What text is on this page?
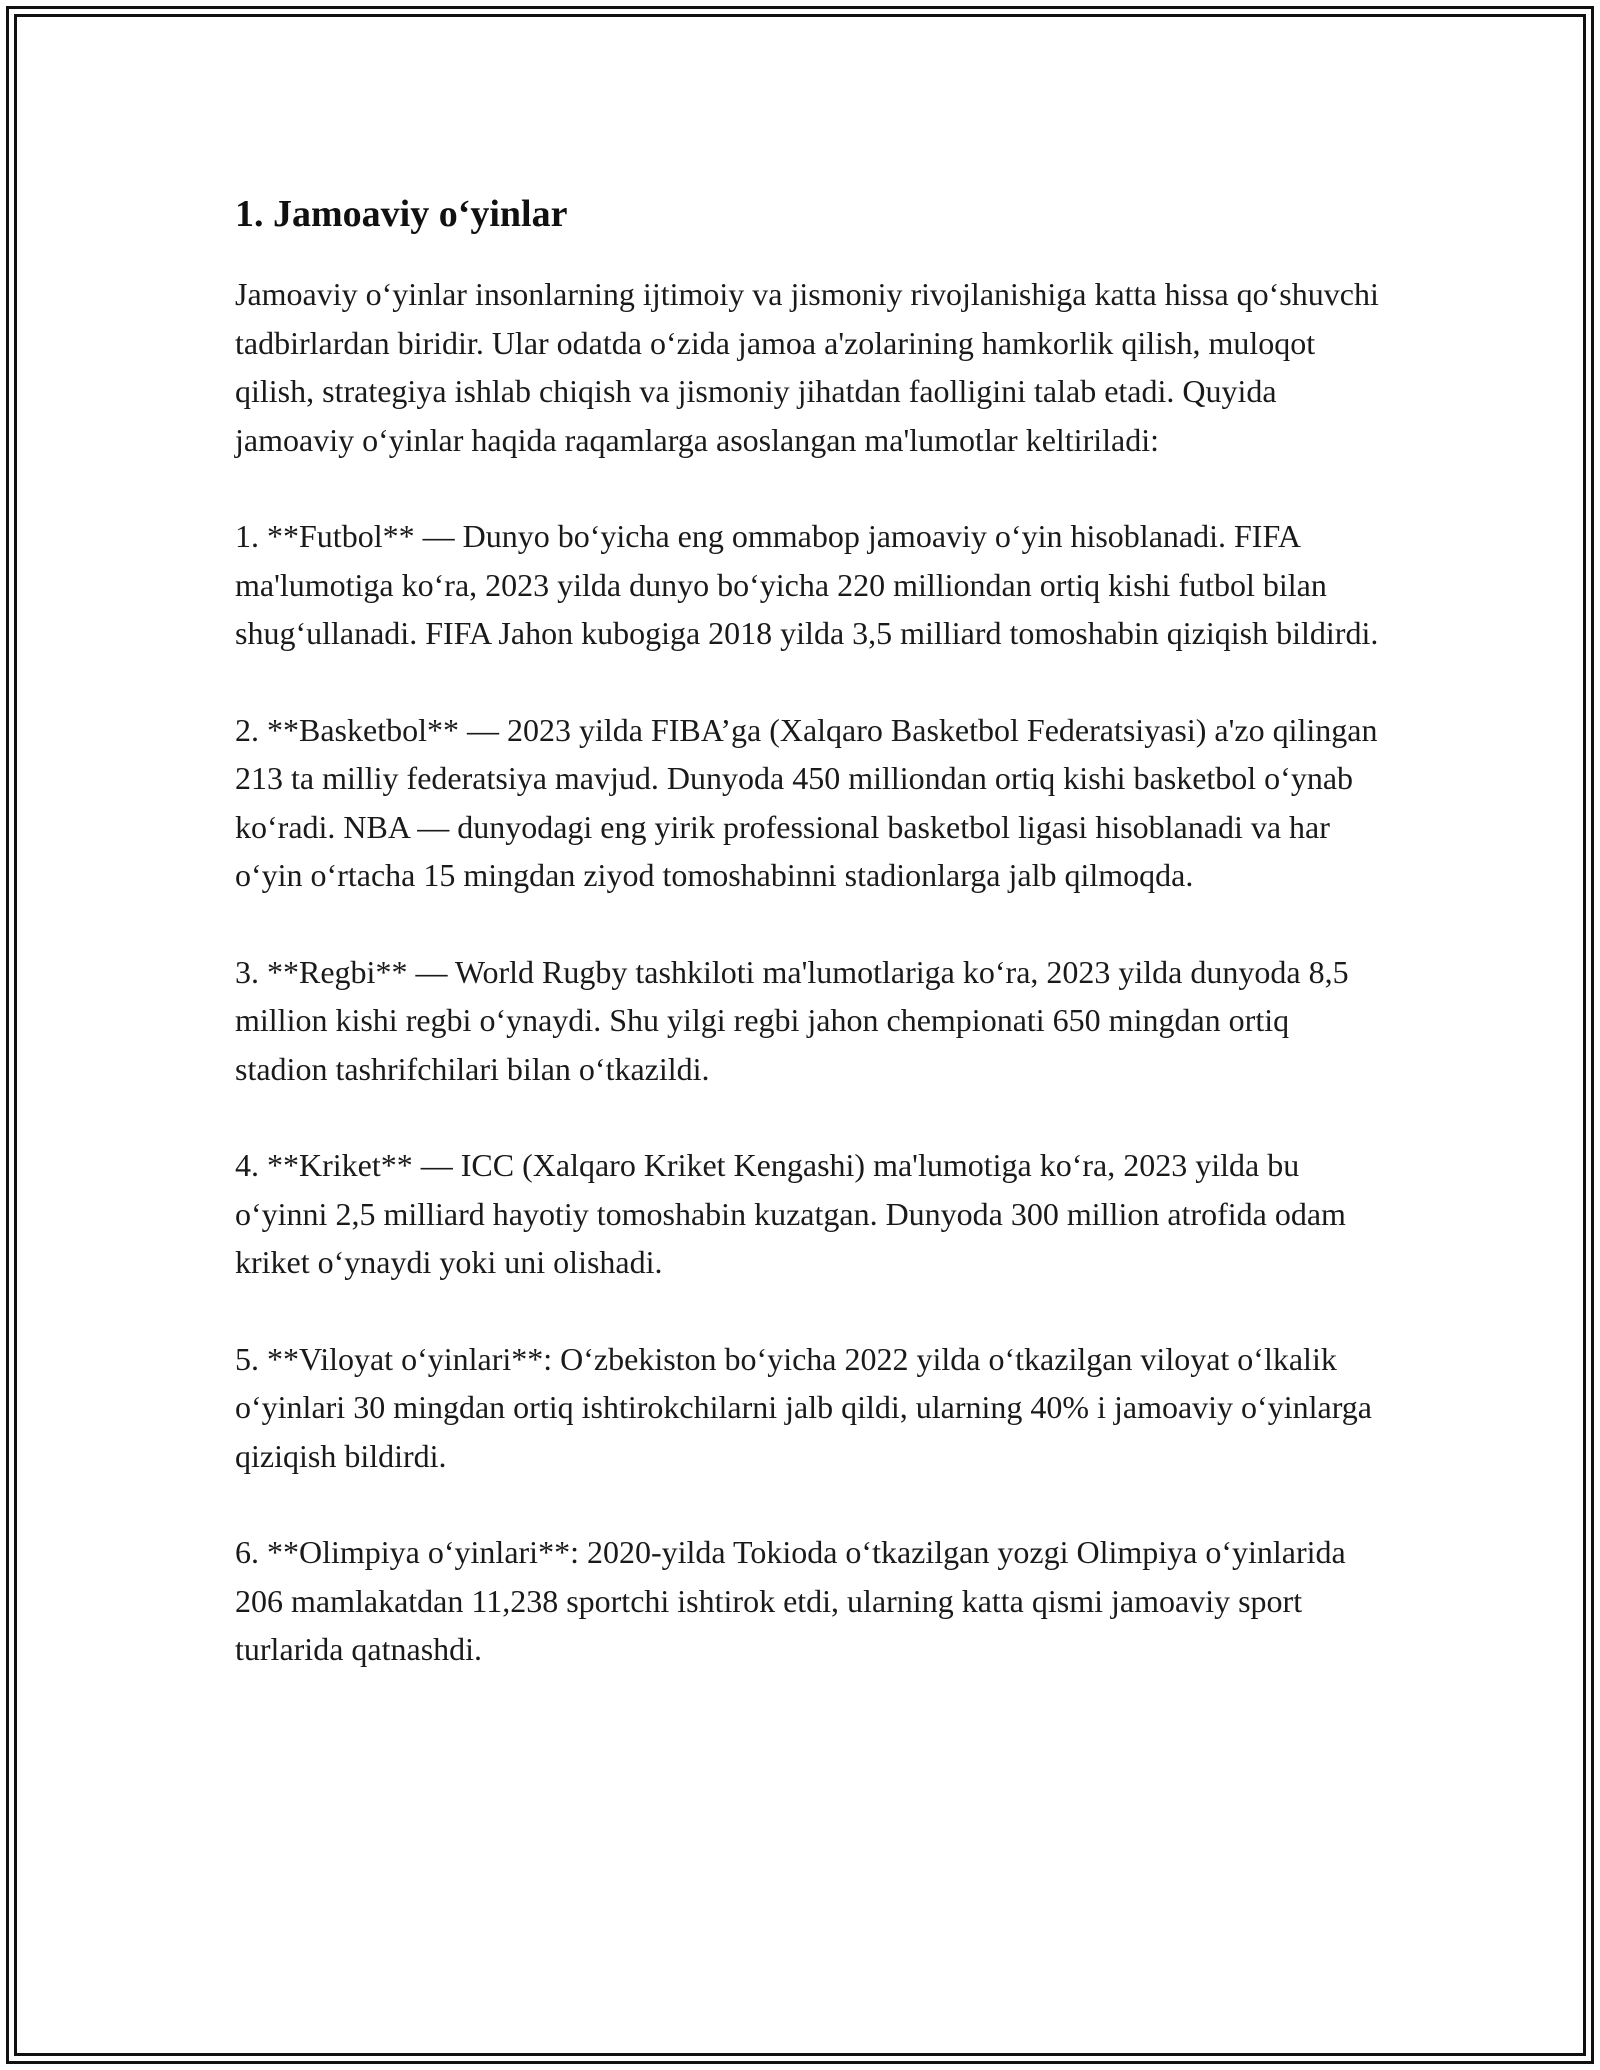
1. Jamoaviy o‘yinlar

Jamoaviy o‘yinlar insonlarning ijtimoiy va jismoniy rivojlanishiga katta hissa qo‘shuvchi tadbirlardan biridir. Ular odatda o‘zida jamoa a'zolarining hamkorlik qilish, muloqot qilish, strategiya ishlab chiqish va jismoniy jihatdan faolligini talab etadi. Quyida jamoaviy o‘yinlar haqida raqamlarga asoslangan ma'lumotlar keltiriladi:

1. **Futbol** — Dunyo bo‘yicha eng ommabop jamoaviy o‘yin hisoblanadi. FIFA ma'lumotiga ko‘ra, 2023 yilda dunyo bo‘yicha 220 milliondan ortiq kishi futbol bilan shug‘ullanadi. FIFA Jahon kubogiga 2018 yilda 3,5 milliard tomoshabin qiziqish bildirdi.

2. **Basketbol** — 2023 yilda FIBA’ga (Xalqaro Basketbol Federatsiyasi) a'zo qilingan 213 ta milliy federatsiya mavjud. Dunyoda 450 milliondan ortiq kishi basketbol o‘ynab ko‘radi. NBA — dunyodagi eng yirik professional basketbol ligasi hisoblanadi va har o‘yin o‘rtacha 15 mingdan ziyod tomoshabinni stadionlarga jalb qilmoqda.

3. **Regbi** — World Rugby tashkiloti ma'lumotlariga ko‘ra, 2023 yilda dunyoda 8,5 million kishi regbi o‘ynaydi. Shu yilgi regbi jahon chempionati 650 mingdan ortiq stadion tashrifchilari bilan o‘tkazildi.

4. **Kriket** — ICC (Xalqaro Kriket Kengashi) ma'lumotiga ko‘ra, 2023 yilda bu o‘yinni 2,5 milliard hayotiy tomoshabin kuzatgan. Dunyoda 300 million atrofida odam kriket o‘ynaydi yoki uni olishadi.

5. **Viloyat o‘yinlari**: O‘zbekiston bo‘yicha 2022 yilda o‘tkazilgan viloyat o‘lkalik o‘yinlari 30 mingdan ortiq ishtirokchilarni jalb qildi, ularning 40% i jamoaviy o‘yinlarga qiziqish bildirdi.

6. **Olimpiya o‘yinlari**: 2020-yilda Tokioda o‘tkazilgan yozgi Olimpiya o‘yinlarida 206 mamlakatdan 11,238 sportchi ishtirok etdi, ularning katta qismi jamoaviy sport turlarida qatnashdi.
